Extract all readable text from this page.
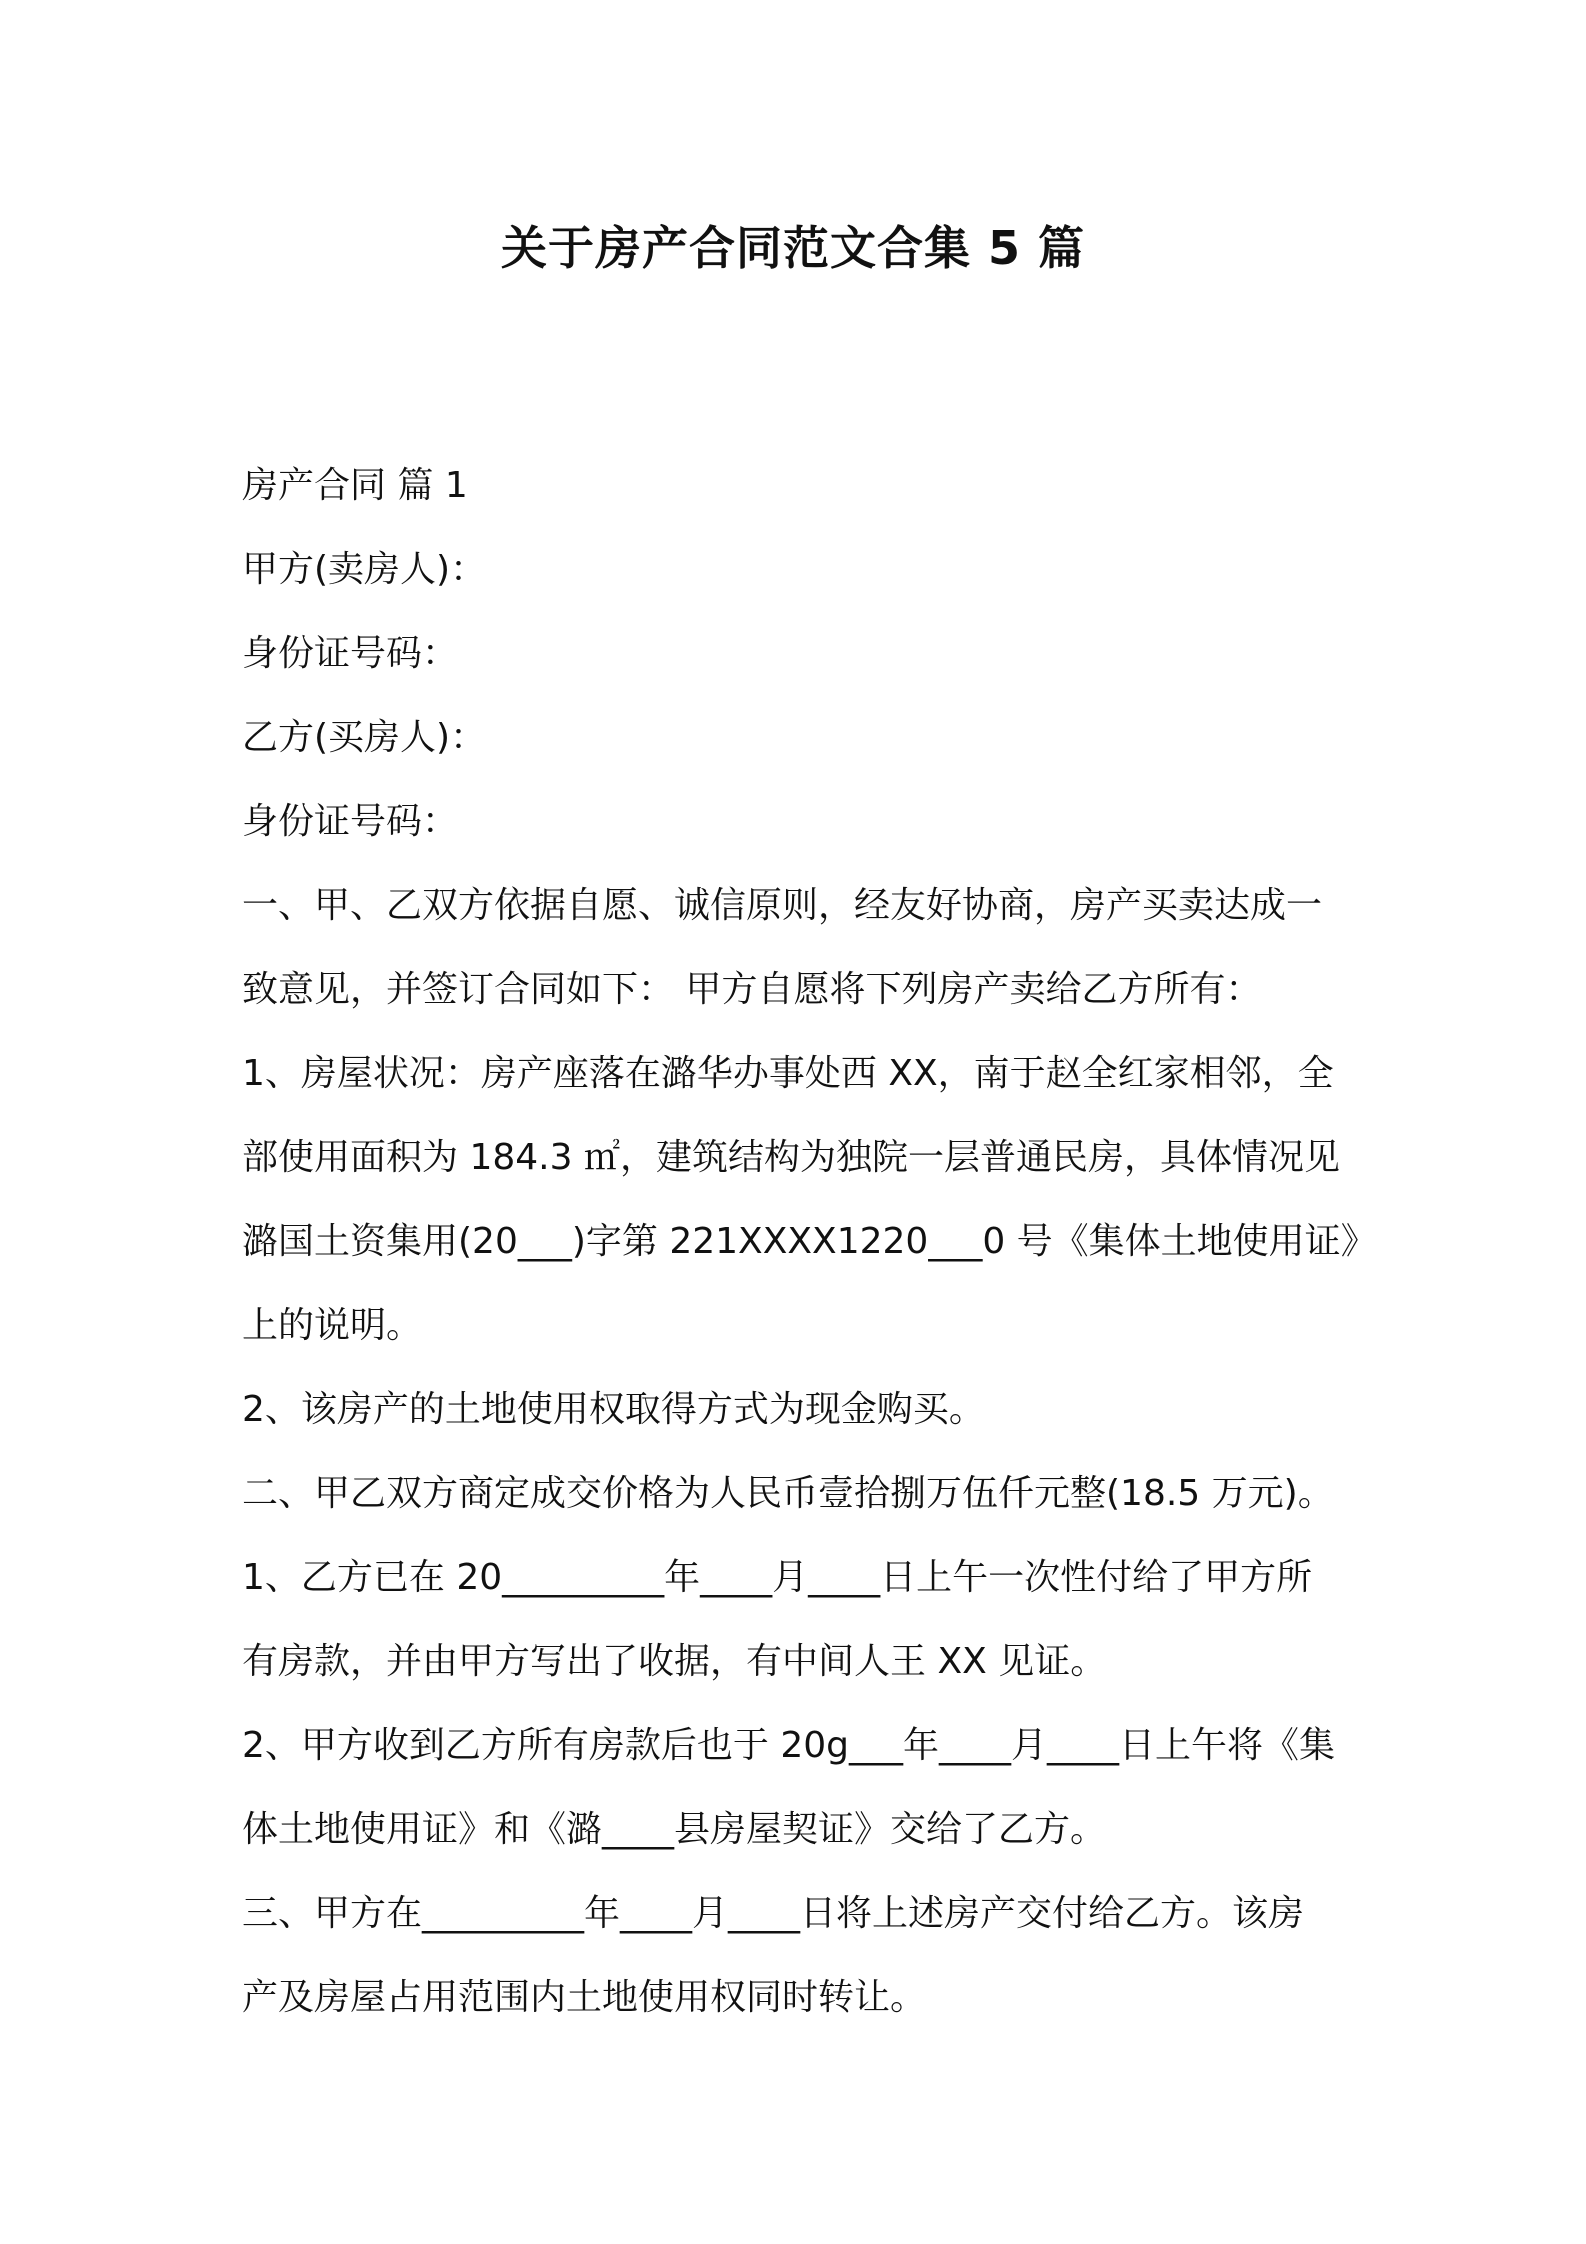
关于房产合同范文合集 5 篇
房产合同 篇 1
甲方(卖房人)：
身份证号码：
乙方(买房人)：
身份证号码：
一、甲、乙双方依据自愿、诚信原则，经友好协商，房产买卖达成一
致意见，并签订合同如下： 甲方自愿将下列房产卖给乙方所有：
1、房屋状况：房产座落在潞华办事处西 XX，南于赵全红家相邻，全
部使用面积为 184.3 ㎡，建筑结构为独院一层普通民房，具体情况见
潞国土资集用(20___)字第 221XXXX1220___0 号《集体土地使用证》
上的说明。
2、该房产的土地使用权取得方式为现金购买。
二、甲乙双方商定成交价格为人民币壹拾捌万伍仟元整(18.5 万元)。
1、乙方已在 20_________年____月____日上午一次性付给了甲方所
有房款，并由甲方写出了收据，有中间人王 XX 见证。
2、甲方收到乙方所有房款后也于 20g___年____月____日上午将《集
体土地使用证》和《潞____县房屋契证》交给了乙方。
三、甲方在_________年____月____日将上述房产交付给乙方。该房
产及房屋占用范围内土地使用权同时转让。
